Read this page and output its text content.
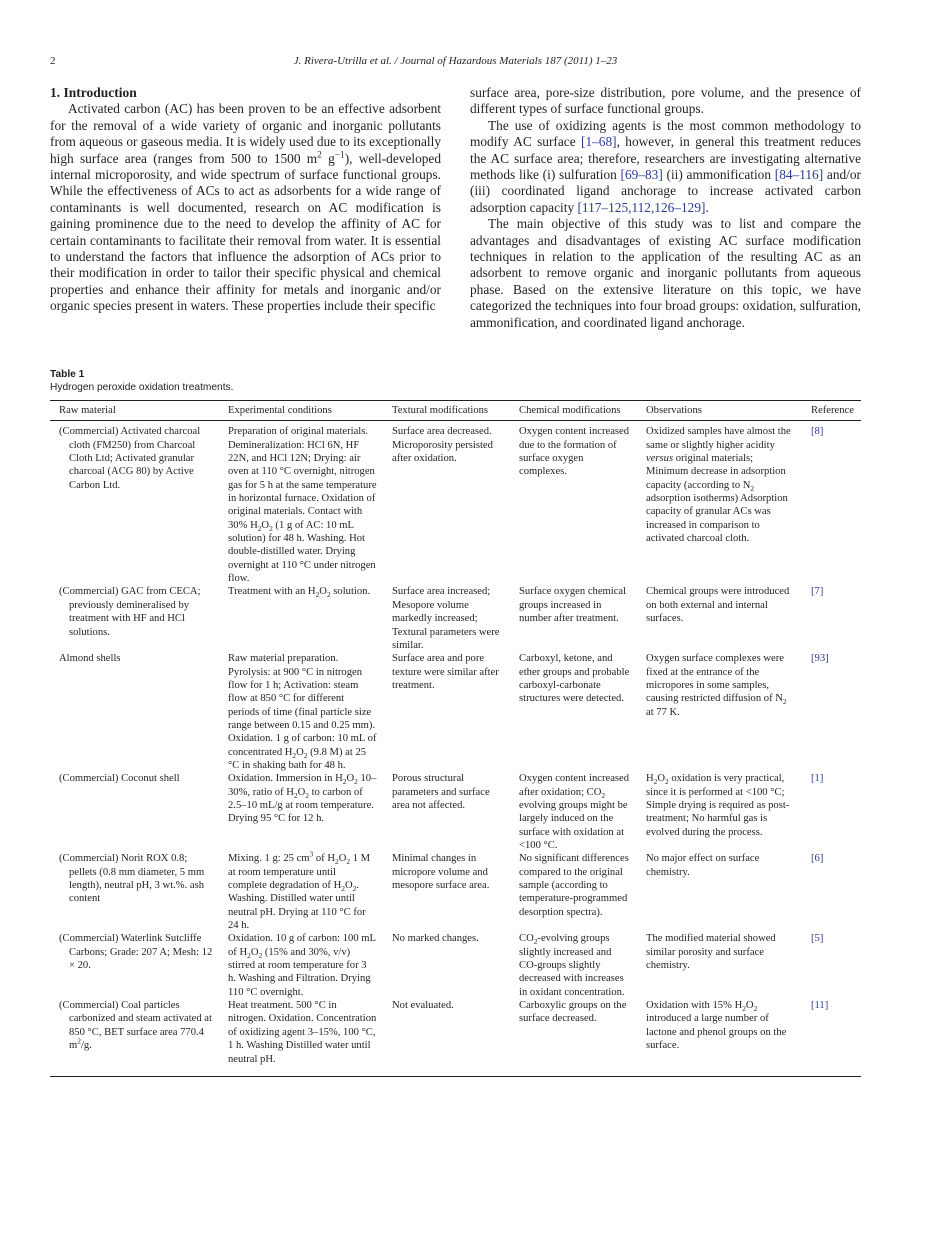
2	J. Rivera-Utrilla et al. / Journal of Hazardous Materials 187 (2011) 1–23

1. Introduction

Activated carbon (AC) has been proven to be an effective adsorbent for the removal of a wide variety of organic and inorganic pollutants from aqueous or gaseous media. It is widely used due to its exceptionally high surface area (ranges from 500 to 1500 $m^2$ $g^{-1}$), well-developed internal microporosity, and wide spectrum of surface functional groups. While the effectiveness of ACs to act as adsorbents for a wide range of contaminants is well documented, research on AC modification is gaining prominence due to the need to develop the affinity of AC for certain contaminants to facilitate their removal from water. It is essential to understand the factors that influence the adsorption of ACs prior to their modification in order to tailor their specific physical and chemical properties and enhance their affinity for metals and inorganic and/or organic species present in waters. These properties include their specific

surface area, pore-size distribution, pore volume, and the presence of different types of surface functional groups.

The use of oxidizing agents is the most common methodology to modify AC surface [1–68], however, in general this treatment reduces the AC surface area; therefore, researchers are investigating alternative methods like (i) sulfuration [69–83] (ii) ammonification [84–116] and/or (iii) coordinated ligand anchorage to increase activated carbon adsorption capacity [117–125,112,126–129].

The main objective of this study was to list and compare the advantages and disadvantages of existing AC surface modification techniques in relation to the application of the resulting AC as an adsorbent to remove organic and inorganic pollutants from aqueous phase. Based on the extensive literature on this topic, we have categorized the techniques into four broad groups: oxidation, sulfuration, ammonification, and coordinated ligand anchorage.

Table 1
Hydrogen peroxide oxidation treatments.
Raw material	Experimental conditions	Textural modifications	Chemical modifications	Observations	Reference

(Commercial) Activated charcoal cloth (FM250) from Charcoal Cloth Ltd; Activated granular charcoal (ACG 80) by Active Carbon Ltd.
	Preparation of original materials. Demineralization: HCl 6N, HF 22N, and HCl 12N; Drying: air oven at 110 °C overnight, nitrogen gas for 5 h at the same temperature in horizontal furnace. Oxidation of original materials. Contact with 30% $H_2O_2$ (1 g of AC: 10 mL solution) for 48 h. Washing. Hot double-distilled water. Drying overnight at 110 °C under nitrogen flow.	Surface area decreased. Microporosity persisted after oxidation.	Oxygen content increased due to the formation of surface oxygen complexes.	Oxidized samples have almost the same or slightly higher acidity versus original materials; Minimum decrease in adsorption capacity (according to $N_2$ adsorption isotherms) Adsorption capacity of granular ACs was increased in comparison to activated charcoal cloth.	[8]

(Commercial) GAC from CECA; previously demineralised by treatment with HF and HCl solutions.	Treatment with an $H_2O_2$ solution.	Surface area increased; Mesopore volume markedly increased; Textural parameters were similar.	Surface oxygen chemical groups increased in number after treatment.	Chemical groups were introduced on both external and internal surfaces.	[7]

Almond shells	Raw material preparation. Pyrolysis: at 900 °C in nitrogen flow for 1 h; Activation: steam flow at 850 °C for different periods of time (final particle size range between 0.15 and 0.25 mm).
Oxidation. 1 g of carbon: 10 mL of concentrated $H_2O_2$ (9.8 M) at 25 °C in shaking bath for 48 h.	Surface area and pore texture were similar after treatment.	Carboxyl, ketone, and ether groups and probable carboxyl-carbonate structures were detected.	Oxygen surface complexes were fixed at the entrance of the micropores in some samples, causing restricted diffusion of $N_2$ at 77 K.	[93]

(Commercial) Coconut shell	Oxidation. Immersion in $H_2O_2$ 10–30%, ratio of $H_2O_2$ to carbon of 2.5–10 mL/g at room temperature. Drying 95 °C for 12 h.	Porous structural parameters and surface area not affected.	Oxygen content increased after oxidation; $CO_2$ evolving groups might be largely induced on the surface with oxidation at <100 °C.	$H_2O_2$ oxidation is very practical, since it is performed at <100 °C; Simple drying is required as post-treatment; No harmful gas is evolved during the process.	[1]

(Commercial) Norit ROX 0.8; pellets (0.8 mm diameter, 5 mm length), neutral pH, 3 wt.%. ash content	Mixing. 1 g: 25 $cm^3$ of $H_2O_2$ 1 M at room temperature until complete degradation of $H_2O_2$. Washing. Distilled water until neutral pH. Drying at 110 °C for 24 h.	Minimal changes in micropore volume and mesopore surface area.	No significant differences compared to the original sample (according to temperature-programmed desorption spectra).	No major effect on surface chemistry.	[6]

(Commercial) Waterlink Sutcliffe Carbons; Grade: 207 A; Mesh: 12 × 20.	Oxidation. 10 g of carbon: 100 mL of $H_2O_2$ (15% and 30%, v/v) stirred at room temperature for 3 h. Washing and Filtration. Drying 110 °C overnight.	No marked changes.	$CO_2$-evolving groups slightly increased and CO-groups slightly decreased with increases in oxidant concentration.	The modified material showed similar porosity and surface chemistry.	[5]

(Commercial) Coal particles carbonized and steam activated at 850 °C, BET surface area 770.4 $m^2/g$.	Heat treatment. 500 °C in nitrogen. Oxidation. Concentration of oxidizing agent 3–15%, 100 °C, 1 h. Washing Distilled water until neutral pH.	Not evaluated.	Carboxylic groups on the surface decreased.	Oxidation with 15% $H_2O_2$ introduced a large number of lactone and phenol groups on the surface.	[11]
